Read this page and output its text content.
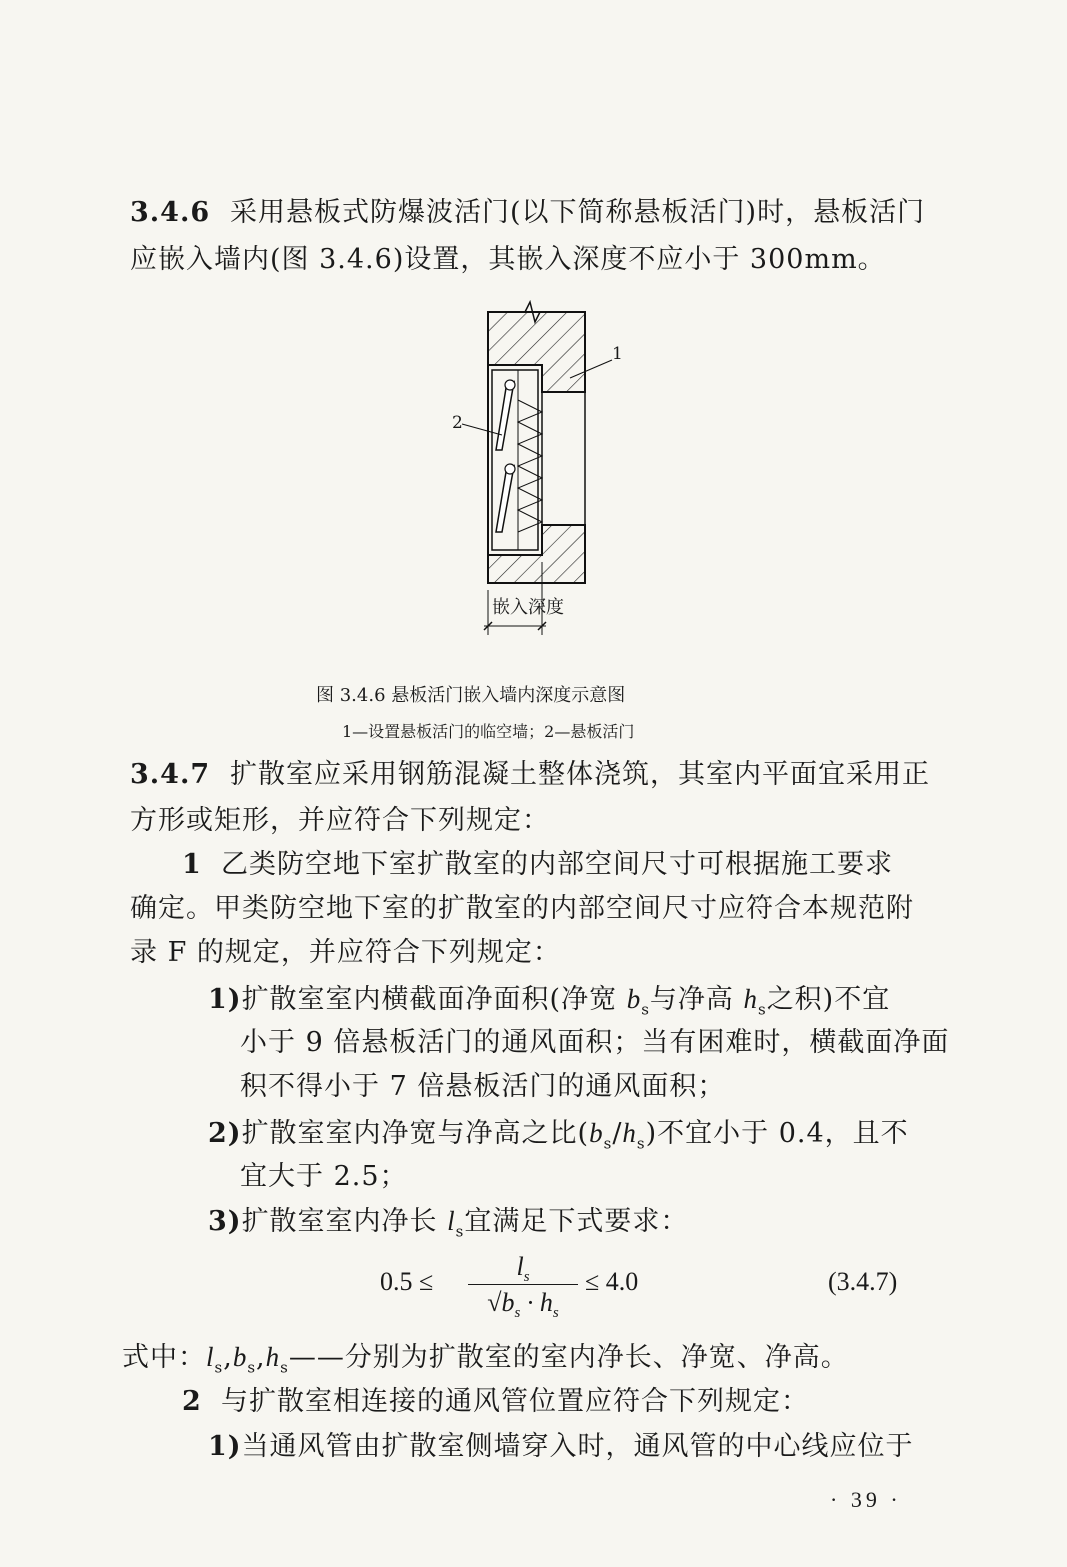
3.4.6 采用悬板式防爆波活门(以下简称悬板活门)时，悬板活门
应嵌入墙内(图 3.4.6)设置，其嵌入深度不应小于 300mm。
1
2
嵌入深度
图 3.4.6 悬板活门嵌入墙内深度示意图
1—设置悬板活门的临空墙；2—悬板活门
3.4.7 扩散室应采用钢筋混凝土整体浇筑，其室内平面宜采用正
方形或矩形，并应符合下列规定：
1 乙类防空地下室扩散室的内部空间尺寸可根据施工要求
确定。甲类防空地下室的扩散室的内部空间尺寸应符合本规范附
录 F 的规定，并应符合下列规定：
1)扩散室室内横截面净面积(净宽 $b_s$与净高 $h_s$之积)不宜
小于 9 倍悬板活门的通风面积；当有困难时，横截面净面
积不得小于 7 倍悬板活门的通风面积；
2)扩散室室内净宽与净高之比$(b_s/h_s)$不宜小于 0.4，且不
宜大于 2.5；
3)扩散室室内净长 $l_s$宜满足下式要求：
0.5 ≤
$l_s$
$√b_s \cdot h_s$
≤ 4.0	(3.4.7)
式中：$l_s,b_s,h_s——$分别为扩散室的室内净长、净宽、净高。
2 与扩散室相连接的通风管位置应符合下列规定：
1)当通风管由扩散室侧墙穿入时，通风管的中心线应位于
· 39 ·
